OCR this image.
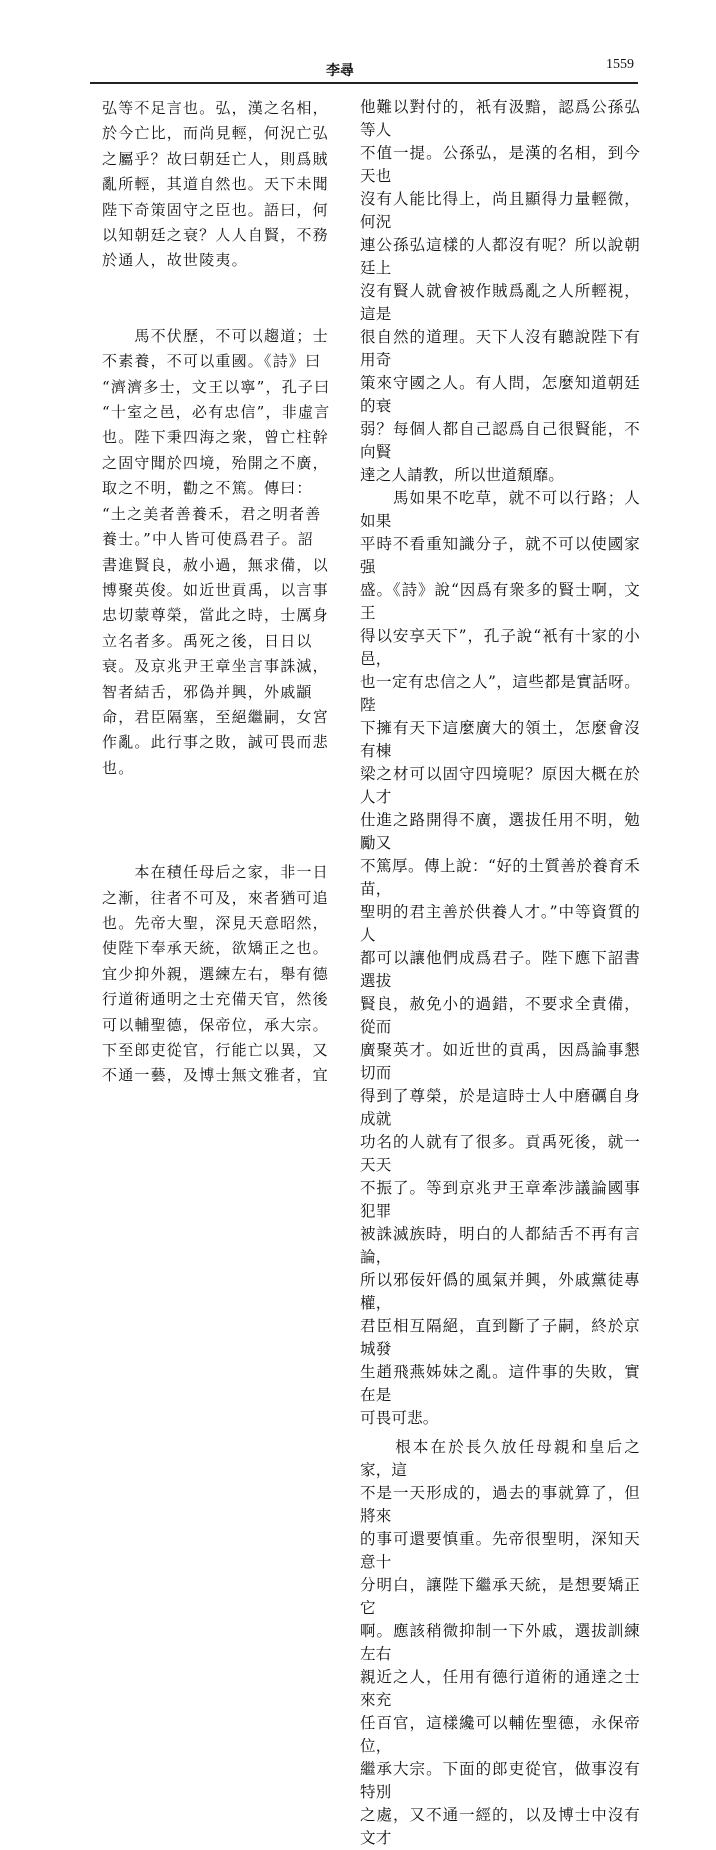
李尋	1559

弘等不足言也。弘，漢之名相，
於今亡比，而尚見輕，何況亡弘
之屬乎？故曰朝廷亡人，則爲賊
亂所輕，其道自然也。天下未聞
陛下奇策固守之臣也。語曰，何
以知朝廷之衰？人人自賢，不務
於通人，故世陵夷。

　　馬不伏歷，不可以趨道；士
不素養，不可以重國。《詩》曰
“濟濟多士，文王以寧”，孔子曰
“十室之邑，必有忠信”，非虛言
也。陛下秉四海之衆，曾亡柱幹
之固守聞於四境，殆開之不廣，
取之不明，勸之不篤。傳曰：
“土之美者善養禾，君之明者善
養士。”中人皆可使爲君子。詔
書進賢良，赦小過，無求備，以
博聚英俊。如近世貢禹，以言事
忠切蒙尊榮，當此之時，士厲身
立名者多。禹死之後，日日以
衰。及京兆尹王章坐言事誅滅，
智者結舌，邪偽并興，外戚顓
命，君臣隔塞，至絕繼嗣，女宮
作亂。此行事之敗，誠可畏而悲
也。

　　本在積任母后之家，非一日
之漸，往者不可及，來者猶可追
也。先帝大聖，深見天意昭然，
使陛下奉承天統，欲矯正之也。
宜少抑外親，選練左右，舉有德
行道術通明之士充備天官，然後
可以輔聖德，保帝位，承大宗。
下至郎吏從官，行能亡以異，又
不通一藝，及博士無文雅者，宜

他難以對付的，衹有汲黯，認爲公孫弘等人
不值一提。公孫弘，是漢的名相，到今天也
沒有人能比得上，尚且顯得力量輕微，何況
連公孫弘這樣的人都沒有呢？所以說朝廷上
沒有賢人就會被作賊爲亂之人所輕視，這是
很自然的道理。天下人沒有聽說陛下有用奇
策來守國之人。有人問，怎麼知道朝廷的衰
弱？每個人都自己認爲自己很賢能，不向賢
達之人請教，所以世道頹靡。

　　馬如果不吃草，就不可以行路；人如果
平時不看重知識分子，就不可以使國家强
盛。《詩》說“因爲有衆多的賢士啊，文王
得以安享天下”，孔子說“衹有十家的小邑，
也一定有忠信之人”，這些都是實話呀。陛
下擁有天下這麼廣大的領土，怎麼會沒有棟
梁之材可以固守四境呢？原因大概在於人才
仕進之路開得不廣，選拔任用不明，勉勵又
不篤厚。傳上說：“好的土質善於養育禾苗，
聖明的君主善於供養人才。”中等資質的人
都可以讓他們成爲君子。陛下應下詔書選拔
賢良，赦免小的過錯，不要求全責備，從而
廣聚英才。如近世的貢禹，因爲論事懇切而
得到了尊榮，於是這時士人中磨礪自身成就
功名的人就有了很多。貢禹死後，就一天天
不振了。等到京兆尹王章牽涉議論國事犯罪
被誅滅族時，明白的人都結舌不再有言論，
所以邪佞奸僞的風氣并興，外戚黨徒專權，
君臣相互隔絕，直到斷了子嗣，終於京城發
生趙飛燕姊妹之亂。這件事的失敗，實在是
可畏可悲。

　　根本在於長久放任母親和皇后之家，這
不是一天形成的，過去的事就算了，但將來
的事可還要慎重。先帝很聖明，深知天意十
分明白，讓陛下繼承天統，是想要矯正它
啊。應該稍微抑制一下外戚，選拔訓練左右
親近之人，任用有德行道術的通達之士來充
任百官，這樣纔可以輔佐聖德，永保帝位，
繼承大宗。下面的郎吏從官，做事沒有特別
之處，又不通一經的，以及博士中沒有文才
